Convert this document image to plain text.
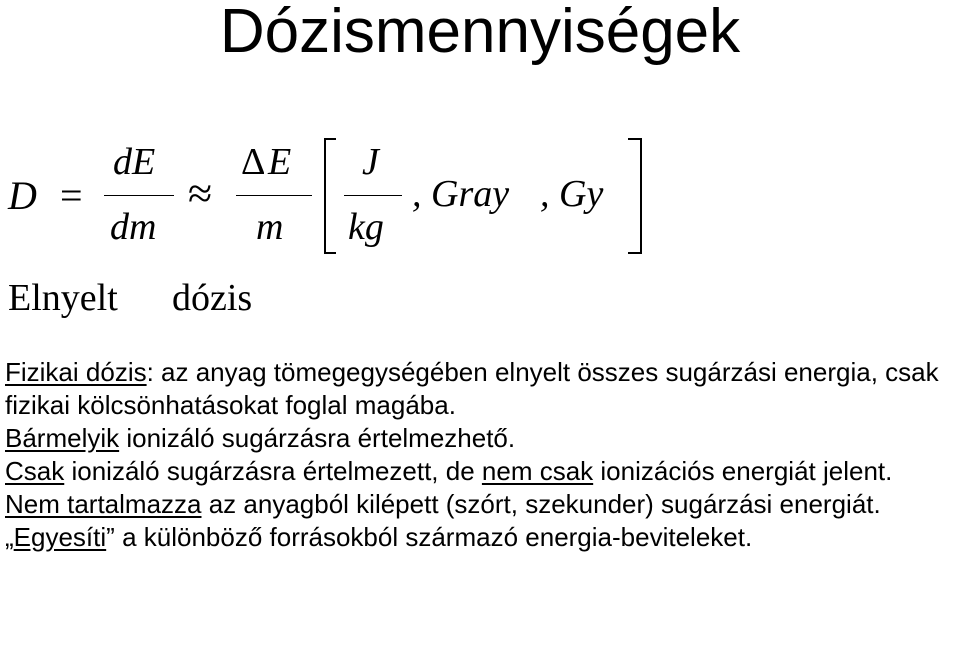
Dózismennyiségek
D =
dE
dm
≈
Δ E
m
J
kg
, Gray , Gy
Elnyelt dózis

Fizikai dózis: az anyag tömegegységében elnyelt összes sugárzási energia, csak fizikai kölcsönhatásokat foglal magába.

Bármelyik ionizáló sugárzásra értelmezhető.

Csak ionizáló sugárzásra értelmezett, de nem csak ionizációs energiát jelent.

Nem tartalmazza az anyagból kilépett (szórt, szekunder) sugárzási energiát.

„Egyesíti” a különböző forrásokból származó energia-beviteleket.
